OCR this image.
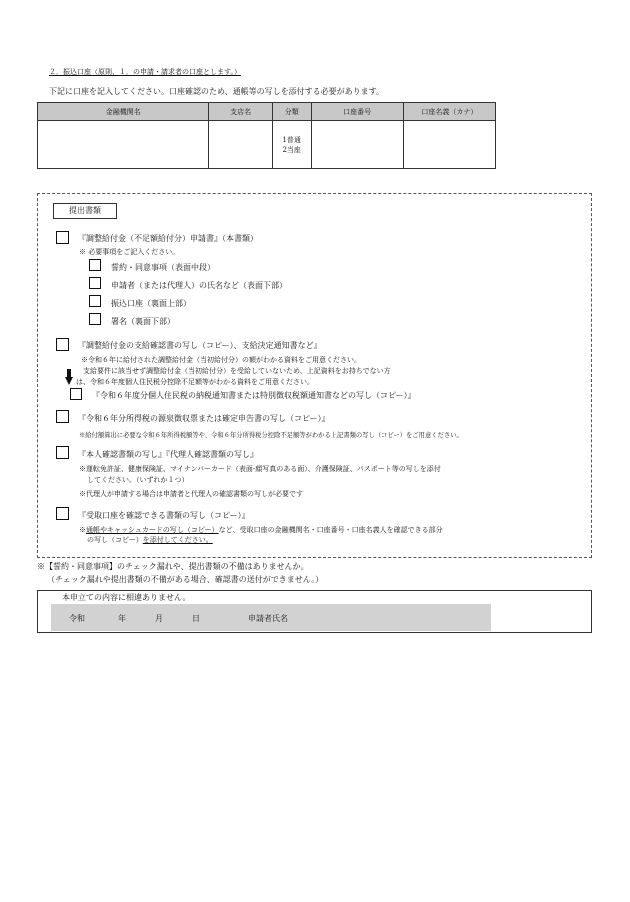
２．振込口座（原則、１．の申請・請求者の口座とします。）
下記に口座を記入してください。口座確認のため、通帳等の写しを添付する必要があります。
金融機関名	支店名	分類	口座番号	口座名義（カナ）

		1普通
2当座		

提出書類
『調整給付金（不足額給付分）申請書』（本書類）
※ 必要事項をご記入ください。
誓約・同意事項（表面中段）
申請者（または代理人）の氏名など（表面下部）
振込口座（裏面上部）
署名（裏面下部）
『調整給付金の支給確認書の写し（コピー）、支給決定通知書など』
※令和６年に給付された調整給付金（当初給付分）の額がわかる資料をご用意ください。
支給要件に該当せず調整給付金（当初給付分）を受給していないため、上記資料をお持ちでない方
は、令和６年度個人住民税分控除不足額等がわかる資料をご用意ください。
『令和６年度分個人住民税の納税通知書または特別徴収税額通知書などの写し（コピー）』
『令和６年分所得税の源泉徴収票または確定申告書の写し（コピー）』
※給付額算出に必要な令和６年所得税額等や、令和６年分所得税分控除不足額等がわかる上記書類の写し（コピー）をご用意ください。
『本人確認書類の写し』『代理人確認書類の写し』
※運転免許証、健康保険証、マイナンバーカード（表面-顔写真のある面）、介護保険証、パスポート等の写しを添付
してください。（いずれか１つ）
※代理人が申請する場合は申請者と代理人の確認書類の写しが必要です
『受取口座を確認できる書類の写し（コピー）』
※通帳やキャッシュカードの写し（コピー）など、受取口座の金融機関名・口座番号・口座名義人を確認できる部分
の写し（コピー）を添付してください。
※【誓約・同意事項】のチェック漏れや、提出書類の不備はありませんか。
（チェック漏れや提出書類の不備がある場合、確認書の送付ができません。）
本申立ての内容に相違ありません。
令和	年	月	日	申請者氏名
